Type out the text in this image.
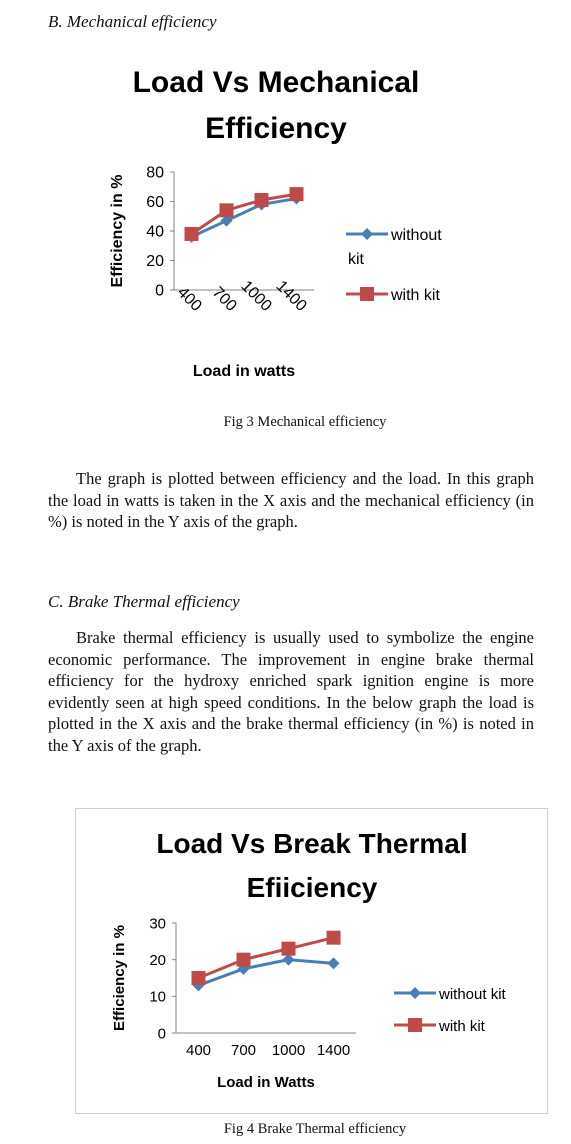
B. Mechanical efficiency

Load Vs Mechanical
Efficiency
80
60
40
20
0 400 700
1000
1400
Load in watts
Efficiency in %	without
kit
with kit

Fig 3 Mechanical efficiency

The graph is plotted between efficiency and the load. In this graph the load in watts is taken in the X axis and the mechanical efficiency (in %) is noted in the Y axis of the graph.

C. Brake Thermal efficiency

Brake thermal efficiency is usually used to symbolize the engine economic performance. The improvement in engine brake thermal efficiency for the hydroxy enriched spark ignition engine is more evidently seen at high speed conditions. In the below graph the load is plotted in the X axis and the brake thermal efficiency (in %) is noted in the Y axis of the graph.

Load Vs Break Thermal
Efiiciency
30
20
10
0
400 700 1000 1400
Load in Watts
Efficiency in %	without kit
with kit

Fig 4 Brake Thermal efficiency
